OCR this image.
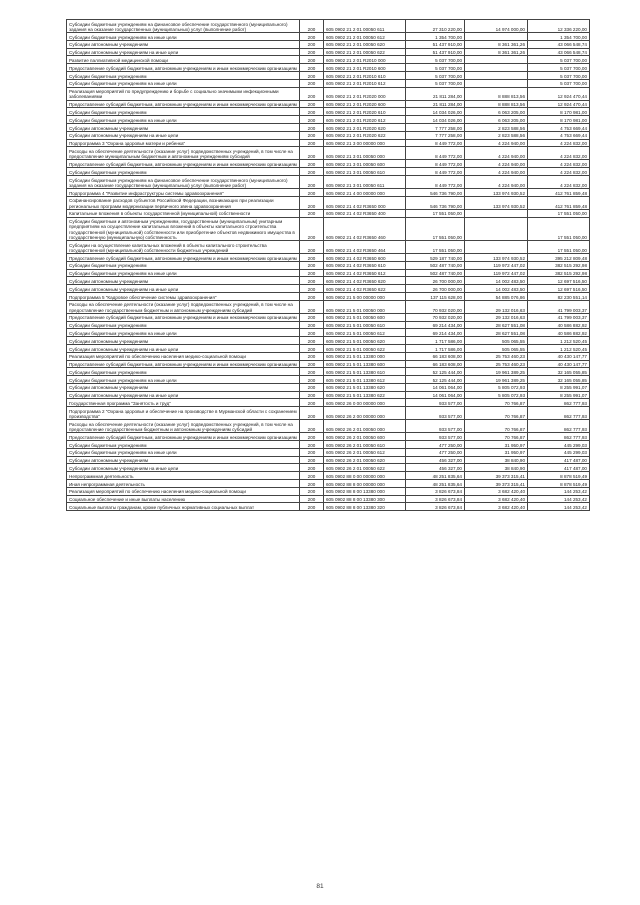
Субсидии бюджетным учреждениям на финансовое обеспечение государственного (муниципального) задания на оказание государственных (муниципальных) услуг (выполнение работ)	200	605 0902 21 2 01 00050 611	27 310 220,00	14 974 000,00	12 336 220,00
Субсидии бюджетным учреждениям на иные цели	200	605 0902 21 2 01 00050 612	1 354 700,00		1 354 700,00
Субсидии автономным учреждениям	200	605 0902 21 2 01 00050 620	51 437 910,00	8 361 361,26	43 066 548,74
Субсидии автономным учреждениям на иные цели	200	605 0902 21 2 01 00050 622	51 437 910,00	8 361 361,26	43 066 548,74
Развитие паллиативной медицинской помощи	200	605 0902 21 2 01 R2010 000	5 037 700,00		5 037 700,00
Предоставление субсидий бюджетным, автономным учреждениям и иным некоммерческим организациям	200	605 0902 21 2 01 R2010 600	5 037 700,00		5 037 700,00
Субсидии бюджетным учреждениям	200	605 0902 21 2 01 R2010 610	5 037 700,00		5 037 700,00
Субсидии бюджетным учреждениям на иные цели	200	605 0902 21 2 01 R2010 612	5 037 700,00		5 037 700,00
Реализация мероприятий по предупреждению и борьбе с социально значимыми инфекционными заболеваниями	200	605 0902 21 2 01 R2020 000	21 811 284,00	8 888 813,56	12 924 470,44
Предоставление субсидий бюджетным, автономным учреждениям и иным некоммерческим организациям	200	605 0902 21 2 01 R2020 600	21 811 284,00	8 888 813,56	12 924 470,44
Субсидии бюджетным учреждениям	200	605 0902 21 2 01 R2020 610	14 034 026,00	6 063 205,00	8 170 981,00
Субсидии бюджетным учреждениям на иные цели	200	605 0902 21 2 01 R2020 612	14 034 026,00	6 063 205,00	8 170 981,00
Субсидии автономным учреждениям	200	605 0902 21 2 01 R2020 620	7 777 258,00	2 823 588,56	4 753 669,44
Субсидии автономным учреждениям на иные цели	200	605 0902 21 2 01 R2020 622	7 777 258,00	2 823 588,56	4 753 669,44
Подпрограмма 3 "Охрана здоровья матери и ребенка"	200	605 0902 21 3 00 00000 000	8 449 772,00	4 224 940,00	4 224 832,00
Расходы на обеспечение деятельности (оказание услуг) подведомственных учреждений, в том числе на предоставление муниципальным бюджетным и автономным учреждениям субсидий	200	605 0902 21 3 01 00050 000	8 449 772,00	4 224 940,00	4 224 832,00
Предоставление субсидий бюджетным, автономным учреждениям и иным некоммерческим организациям	200	605 0902 21 3 01 00050 600	8 449 772,00	4 224 940,00	4 224 832,00
Субсидии бюджетным учреждениям	200	605 0902 21 3 01 00050 610	8 449 772,00	4 224 940,00	4 224 832,00
Субсидии бюджетным учреждениям на финансовое обеспечение государственного (муниципального) задания на оказание государственных (муниципальных) услуг (выполнение работ)	200	605 0902 21 3 01 00050 611	8 449 772,00	4 224 940,00	4 224 832,00
Подпрограмма 4 "Развитие инфраструктуры системы здравоохранения"	200	605 0902 21 4 00 00000 000	546 736 790,00	133 974 930,52	412 761 859,48
Софинансирование расходов субъектов Российской Федерации, возникающих при реализации региональных программ модернизации первичного звена здравоохранения	200	605 0902 21 4 02 R3650 000	546 736 790,00	133 974 930,52	412 761 859,48
Капитальные вложения в объекты государственной (муниципальной) собственности	200	605 0902 21 4 02 R3650 400	17 551 050,00		17 551 050,00
Субсидии бюджетным и автономным учреждениям, государственным (муниципальным) унитарным предприятиям на осуществление капитальных вложений в объекты капитального строительства государственной (муниципальной) собственности или приобретение объектов недвижимого имущества в государственную (муниципальную) собственность	200	605 0902 21 4 02 R3650 460	17 551 050,00		17 551 050,00
Субсидии на осуществление капитальных вложений в объекты капитального строительства государственной (муниципальной) собственности бюджетных учреждений	200	605 0902 21 4 02 R3650 464	17 551 050,00		17 551 050,00
Предоставление субсидий бюджетным, автономным учреждениям и иным некоммерческим организациям	200	605 0902 21 4 02 R3650 600	529 187 740,00	133 974 930,52	395 212 809,48
Субсидии бюджетным учреждениям	200	605 0902 21 4 02 R3650 610	502 487 740,00	119 972 447,02	382 515 292,98
Субсидии бюджетным учреждениям на иные цели	200	605 0902 21 4 02 R3650 612	502 487 740,00	119 972 447,02	382 515 292,98
Субсидии автономным учреждениям	200	605 0902 21 4 02 R3650 620	26 700 000,00	14 002 483,50	12 697 516,50
Субсидии автономным учреждениям на иные цели	200	605 0902 21 4 02 R3650 622	26 700 000,00	14 002 483,50	12 697 516,50
Подпрограмма 5 "Кадровое обеспечение системы здравоохранения"	200	605 0902 21 5 00 00000 000	137 115 628,00	54 885 076,86	82 230 551,14
Расходы на обеспечение деятельности (оказание услуг) подведомственных учреждений, в том числе на предоставление государственным бюджетным и автономным учреждениям субсидий	200	605 0902 21 5 01 00050 000	70 932 020,00	29 132 016,63	41 799 003,37
Предоставление субсидий бюджетным, автономным учреждениям и иным некоммерческим организациям	200	605 0902 21 5 01 00050 600	70 932 020,00	29 132 016,63	41 799 003,37
Субсидии бюджетным учреждениям	200	605 0902 21 5 01 00050 610	69 214 434,00	28 627 551,08	40 586 882,92
Субсидии бюджетным учреждениям на иные цели	200	605 0902 21 5 01 00050 612	69 214 434,00	28 627 551,08	40 586 882,92
Субсидии автономным учреждениям	200	605 0902 21 5 01 00050 620	1 717 586,00	505 065,55	1 212 520,45
Субсидии автономным учреждениям на иные цели	200	605 0902 21 5 01 00050 622	1 717 586,00	505 065,55	1 212 520,45
Реализация мероприятий по обеспечению населения медико-социальной помощи	200	605 0902 21 5 01 13380 000	66 183 608,00	25 753 460,23	40 430 147,77
Предоставление субсидий бюджетным, автономным учреждениям и иным некоммерческим организациям	200	605 0902 21 5 01 13380 600	66 183 608,00	25 753 460,23	40 430 147,77
Субсидии бюджетным учреждениям	200	605 0902 21 5 01 13380 610	52 125 444,00	19 961 389,25	32 165 055,85
Субсидии бюджетным учреждениям на иные цели	200	605 0902 21 5 01 13380 612	52 125 444,00	19 961 389,25	32 165 055,85
Субсидии автономным учреждениям	200	605 0902 21 5 01 13380 620	14 061 064,00	5 805 072,93	8 255 991,07
Субсидии автономным учреждениям на иные цели	200	605 0902 21 5 01 13380 622	14 061 064,00	5 805 072,93	8 255 991,07
Государственная программа "Занятость и труд"	200	605 0902 26 0 00 00000 000	933 577,00	70 766,87	862 777,93
Подпрограмма 2 "Охрана здоровья и обеспечение на производстве в Мурманской области с сохранением производства"	200	605 0902 26 2 00 00000 000	933 577,00	70 766,87	862 777,93
Расходы на обеспечение деятельности (оказание услуг) подведомственных учреждений, в том числе на предоставление государственным бюджетным и автономным учреждениям субсидий	200	605 0902 26 2 01 00050 000	933 577,00	70 766,87	862 777,93
Предоставление субсидий бюджетным, автономным учреждениям и иным некоммерческим организациям	200	605 0902 26 2 01 00050 600	933 577,00	70 766,87	862 777,93
Субсидии бюджетным учреждениям	200	605 0902 26 2 01 00050 610	477 250,00	31 950,97	445 299,03
Субсидии бюджетным учреждениям на иные цели	200	605 0902 26 2 01 00050 612	477 250,00	31 950,97	445 299,03
Субсидии автономным учреждениям	200	605 0902 26 2 01 00050 620	456 327,00	38 840,90	417 487,00
Субсидии автономным учреждениям на иные цели	200	605 0902 26 2 01 00050 622	456 327,00	38 840,90	417 487,00
Непрограммная деятельность	200	605 0902 88 0 00 00000 000	48 251 835,64	39 373 315,41	8 878 519,49
Иная непрограммная деятельность	200	605 0902 88 8 00 00000 000	48 251 835,64	39 373 315,41	8 878 519,49
Реализация мероприятий по обеспечению населения медико-социальной помощи	200	605 0902 88 8 00 13380 000	3 826 673,84	3 682 420,40	144 253,42
Социальное обеспечение и иные выплаты населению	200	605 0902 88 8 00 13380 300	3 826 673,84	3 682 420,40	144 253,42
Социальные выплаты гражданам, кроме публичных нормативных социальных выплат	200	605 0902 88 8 00 13380 320	3 826 673,84	3 682 420,40	144 253,42
81
